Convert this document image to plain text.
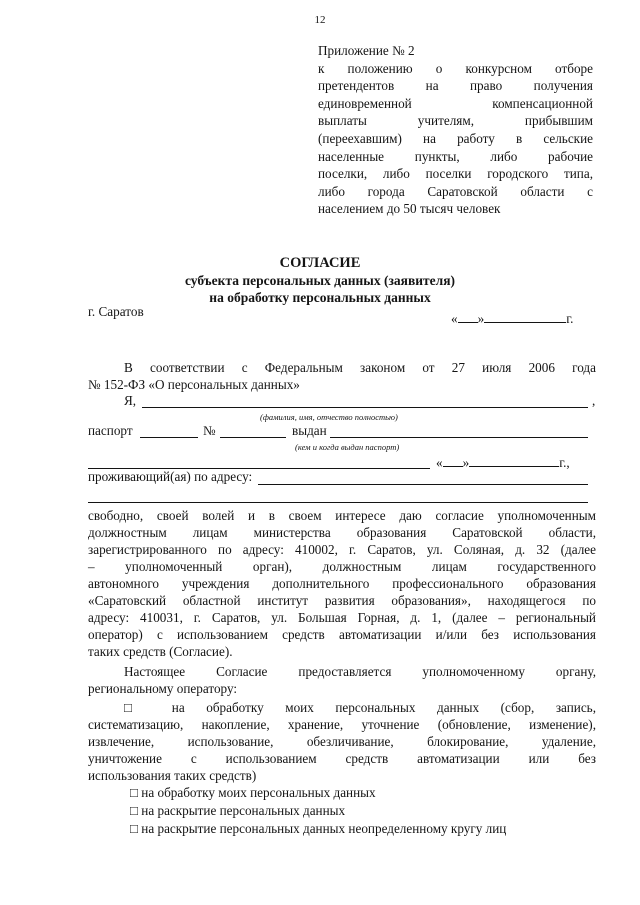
12
Приложение № 2
к положению о конкурсном отборе
претендентов на право получения
единовременной компенсационной
выплаты учителям, прибывшим
(переехавшим) на работу в сельские
населенные пункты, либо рабочие
поселки, либо поселки городского типа,
либо города Саратовской области с
населением до 50 тысяч человек
СОГЛАСИЕ
субъекта персональных данных (заявителя)
на обработку персональных данных
г. Саратов	« »	г.
В соответствии с Федеральным законом от 27 июля 2006 года
№ 152-ФЗ «О персональных данных»
Я,	,
(фамилия, имя, отчество полностью)
паспорт	№	выдан
(кем и когда выдан паспорт)
« »	г.,
проживающий(ая) по адресу:
свободно, своей волей и в своем интересе даю согласие уполномоченным
должностным лицам министерства образования Саратовской области,
зарегистрированного по адресу: 410002, г. Саратов, ул. Соляная, д. 32 (далее
– уполномоченный орган), должностным лицам государственного
автономного учреждения дополнительного профессионального образования
«Саратовский областной институт развития образования», находящегося по
адресу: 410031, г. Саратов, ул. Большая Горная, д. 1, (далее – региональный
оператор) с использованием средств автоматизации и/или без использования
таких средств (Согласие).
Настоящее Согласие предоставляется уполномоченному органу,
региональному оператору:
□ на обработку моих персональных данных (сбор, запись,
систематизацию, накопление, хранение, уточнение (обновление, изменение),
извлечение, использование, обезличивание, блокирование, удаление,
уничтожение с использованием средств автоматизации или без
использования таких средств)
□ на обработку моих персональных данных
□ на раскрытие персональных данных
□ на раскрытие персональных данных неопределенному кругу лиц
